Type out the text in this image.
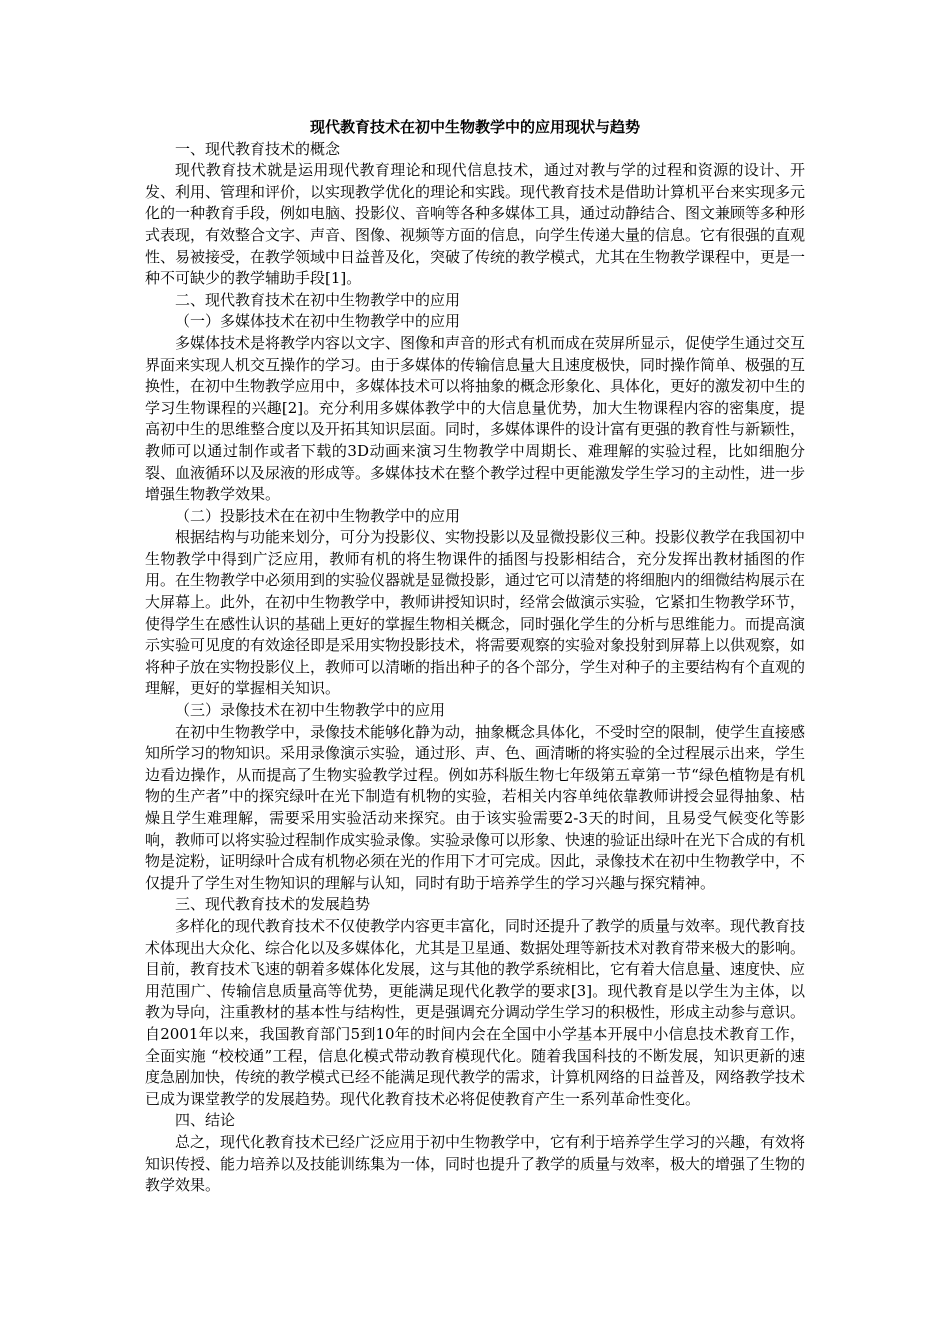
现代教育技术在初中生物教学中的应用现状与趋势

一、现代教育技术的概念

现代教育技术就是运用现代教育理论和现代信息技术，通过对教与学的过程和资源的设计、开发、利用、管理和评价，以实现教学优化的理论和实践。现代教育技术是借助计算机平台来实现多元化的一种教育手段，例如电脑、投影仪、音响等各种多媒体工具，通过动静结合、图文兼顾等多种形式表现，有效整合文字、声音、图像、视频等方面的信息，向学生传递大量的信息。它有很强的直观性、易被接受，在教学领域中日益普及化，突破了传统的教学模式，尤其在生物教学课程中，更是一种不可缺少的教学辅助手段[1]。

二、现代教育技术在初中生物教学中的应用

（一）多媒体技术在初中生物教学中的应用

多媒体技术是将教学内容以文字、图像和声音的形式有机而成在荧屏所显示，促使学生通过交互界面来实现人机交互操作的学习。由于多媒体的传输信息量大且速度极快，同时操作简单、极强的互换性，在初中生物教学应用中，多媒体技术可以将抽象的概念形象化、具体化，更好的激发初中生的学习生物课程的兴趣[2]。充分利用多媒体教学中的大信息量优势，加大生物课程内容的密集度，提高初中生的思维整合度以及开拓其知识层面。同时，多媒体课件的设计富有更强的教育性与新颖性，教师可以通过制作或者下载的3D动画来演习生物教学中周期长、难理解的实验过程，比如细胞分裂、血液循环以及尿液的形成等。多媒体技术在整个教学过程中更能激发学生学习的主动性，进一步增强生物教学效果。

（二）投影技术在在初中生物教学中的应用

根据结构与功能来划分，可分为投影仪、实物投影以及显微投影仪三种。投影仪教学在我国初中生物教学中得到广泛应用，教师有机的将生物课件的插图与投影相结合，充分发挥出教材插图的作用。在生物教学中必须用到的实验仪器就是显微投影，通过它可以清楚的将细胞内的细微结构展示在大屏幕上。此外，在初中生物教学中，教师讲授知识时，经常会做演示实验，它紧扣生物教学环节，使得学生在感性认识的基础上更好的掌握生物相关概念，同时强化学生的分析与思维能力。而提高演示实验可见度的有效途径即是采用实物投影技术，将需要观察的实验对象投射到屏幕上以供观察，如将种子放在实物投影仪上，教师可以清晰的指出种子的各个部分，学生对种子的主要结构有个直观的理解，更好的掌握相关知识。

（三）录像技术在初中生物教学中的应用

在初中生物教学中，录像技术能够化静为动，抽象概念具体化，不受时空的限制，使学生直接感知所学习的物知识。采用录像演示实验，通过形、声、色、画清晰的将实验的全过程展示出来，学生边看边操作，从而提高了生物实验教学过程。例如苏科版生物七年级第五章第一节“绿色植物是有机物的生产者”中的探究绿叶在光下制造有机物的实验，若相关内容单纯依靠教师讲授会显得抽象、枯燥且学生难理解，需要采用实验活动来探究。由于该实验需要2-3天的时间，且易受气候变化等影响，教师可以将实验过程制作成实验录像。实验录像可以形象、快速的验证出绿叶在光下合成的有机物是淀粉，证明绿叶合成有机物必须在光的作用下才可完成。因此，录像技术在初中生物教学中，不仅提升了学生对生物知识的理解与认知，同时有助于培养学生的学习兴趣与探究精神。

三、现代教育技术的发展趋势

多样化的现代教育技术不仅使教学内容更丰富化，同时还提升了教学的质量与效率。现代教育技术体现出大众化、综合化以及多媒体化，尤其是卫星通、数据处理等新技术对教育带来极大的影响。目前，教育技术飞速的朝着多媒体化发展，这与其他的教学系统相比，它有着大信息量、速度快、应用范围广、传输信息质量高等优势，更能满足现代化教学的要求[3]。现代教育是以学生为主体，以教为导向，注重教材的基本性与结构性，更是强调充分调动学生学习的积极性，形成主动参与意识。自2001年以来，我国教育部门5到10年的时间内会在全国中小学基本开展中小信息技术教育工作，全面实施 “校校通”工程，信息化模式带动教育模现代化。随着我国科技的不断发展，知识更新的速度急剧加快，传统的教学模式已经不能满足现代教学的需求，计算机网络的日益普及，网络教学技术已成为课堂教学的发展趋势。现代化教育技术必将促使教育产生一系列革命性变化。

四、结论

总之，现代化教育技术已经广泛应用于初中生物教学中，它有利于培养学生学习的兴趣，有效将知识传授、能力培养以及技能训练集为一体，同时也提升了教学的质量与效率，极大的增强了生物的教学效果。
